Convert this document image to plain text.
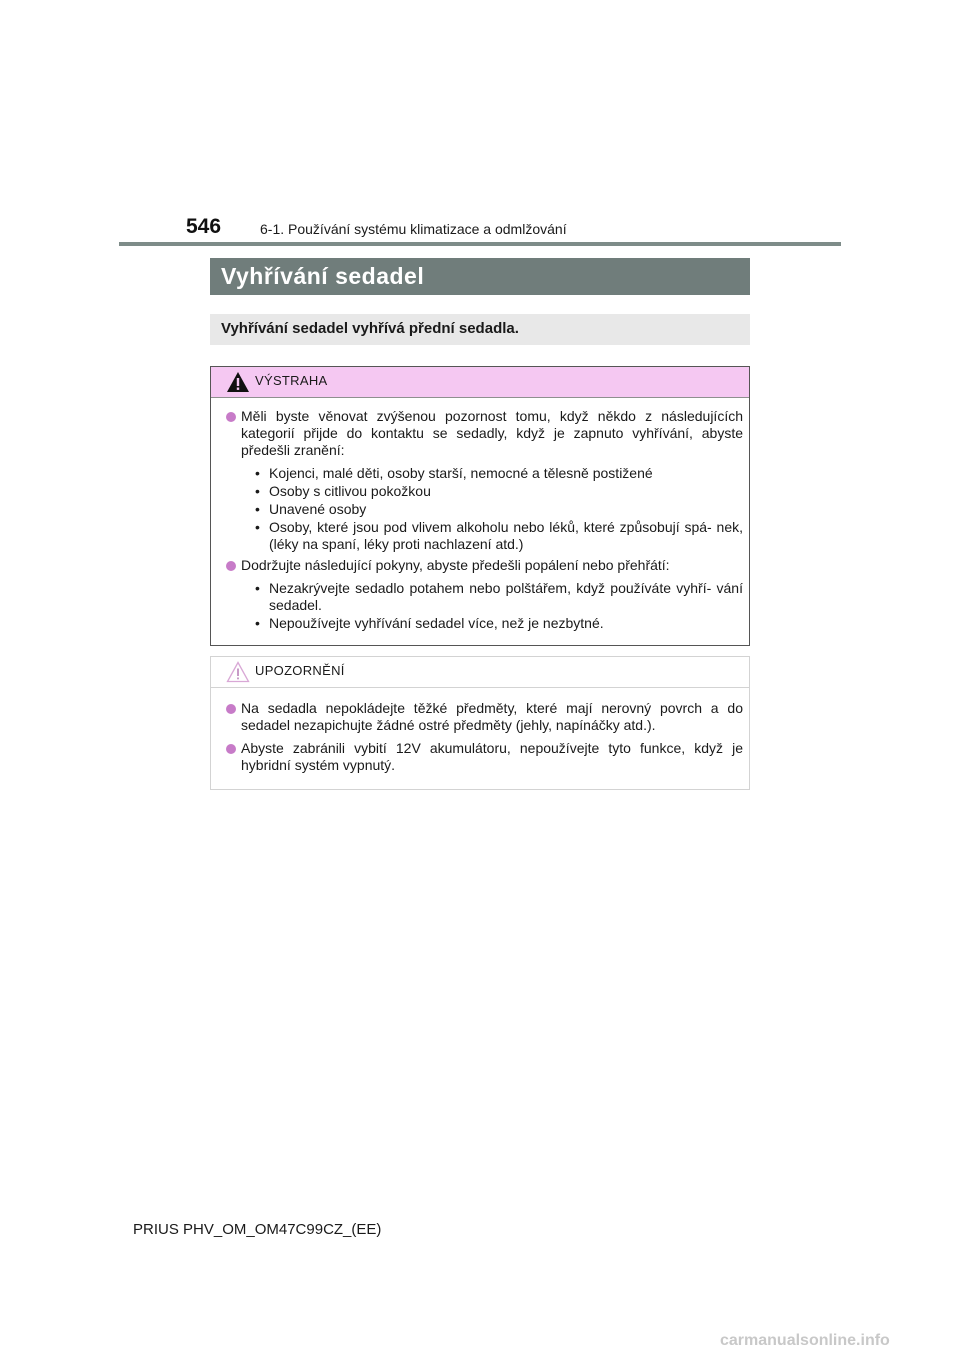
546	6-1. Používání systému klimatizace a odmlžování
Vyhřívání sedadel
Vyhřívání sedadel vyhřívá přední sedadla.
VÝSTRAHA
Měli byste věnovat zvýšenou pozornost tomu, když někdo z následujících kategorií přijde do kontaktu se sedadly, když je zapnuto vyhřívání, abyste předešli zranění:
• Kojenci, malé děti, osoby starší, nemocné a tělesně postižené
• Osoby s citlivou pokožkou
• Unavené osoby
• Osoby, které jsou pod vlivem alkoholu nebo léků, které způsobují spá- nek, (léky na spaní, léky proti nachlazení atd.)
Dodržujte následující pokyny, abyste předešli popálení nebo přehřátí:
• Nezakrývejte sedadlo potahem nebo polštářem, když používáte vyhří- vání sedadel.
• Nepoužívejte vyhřívání sedadel více, než je nezbytné.
UPOZORNĚNÍ
Na sedadla nepokládejte těžké předměty, které mají nerovný povrch a do sedadel nezapichujte žádné ostré předměty (jehly, napínáčky atd.).
Abyste zabránili vybití 12V akumulátoru, nepoužívejte tyto funkce, když je hybridní systém vypnutý.
PRIUS PHV_OM_OM47C99CZ_(EE)
carmanualsonline.info
